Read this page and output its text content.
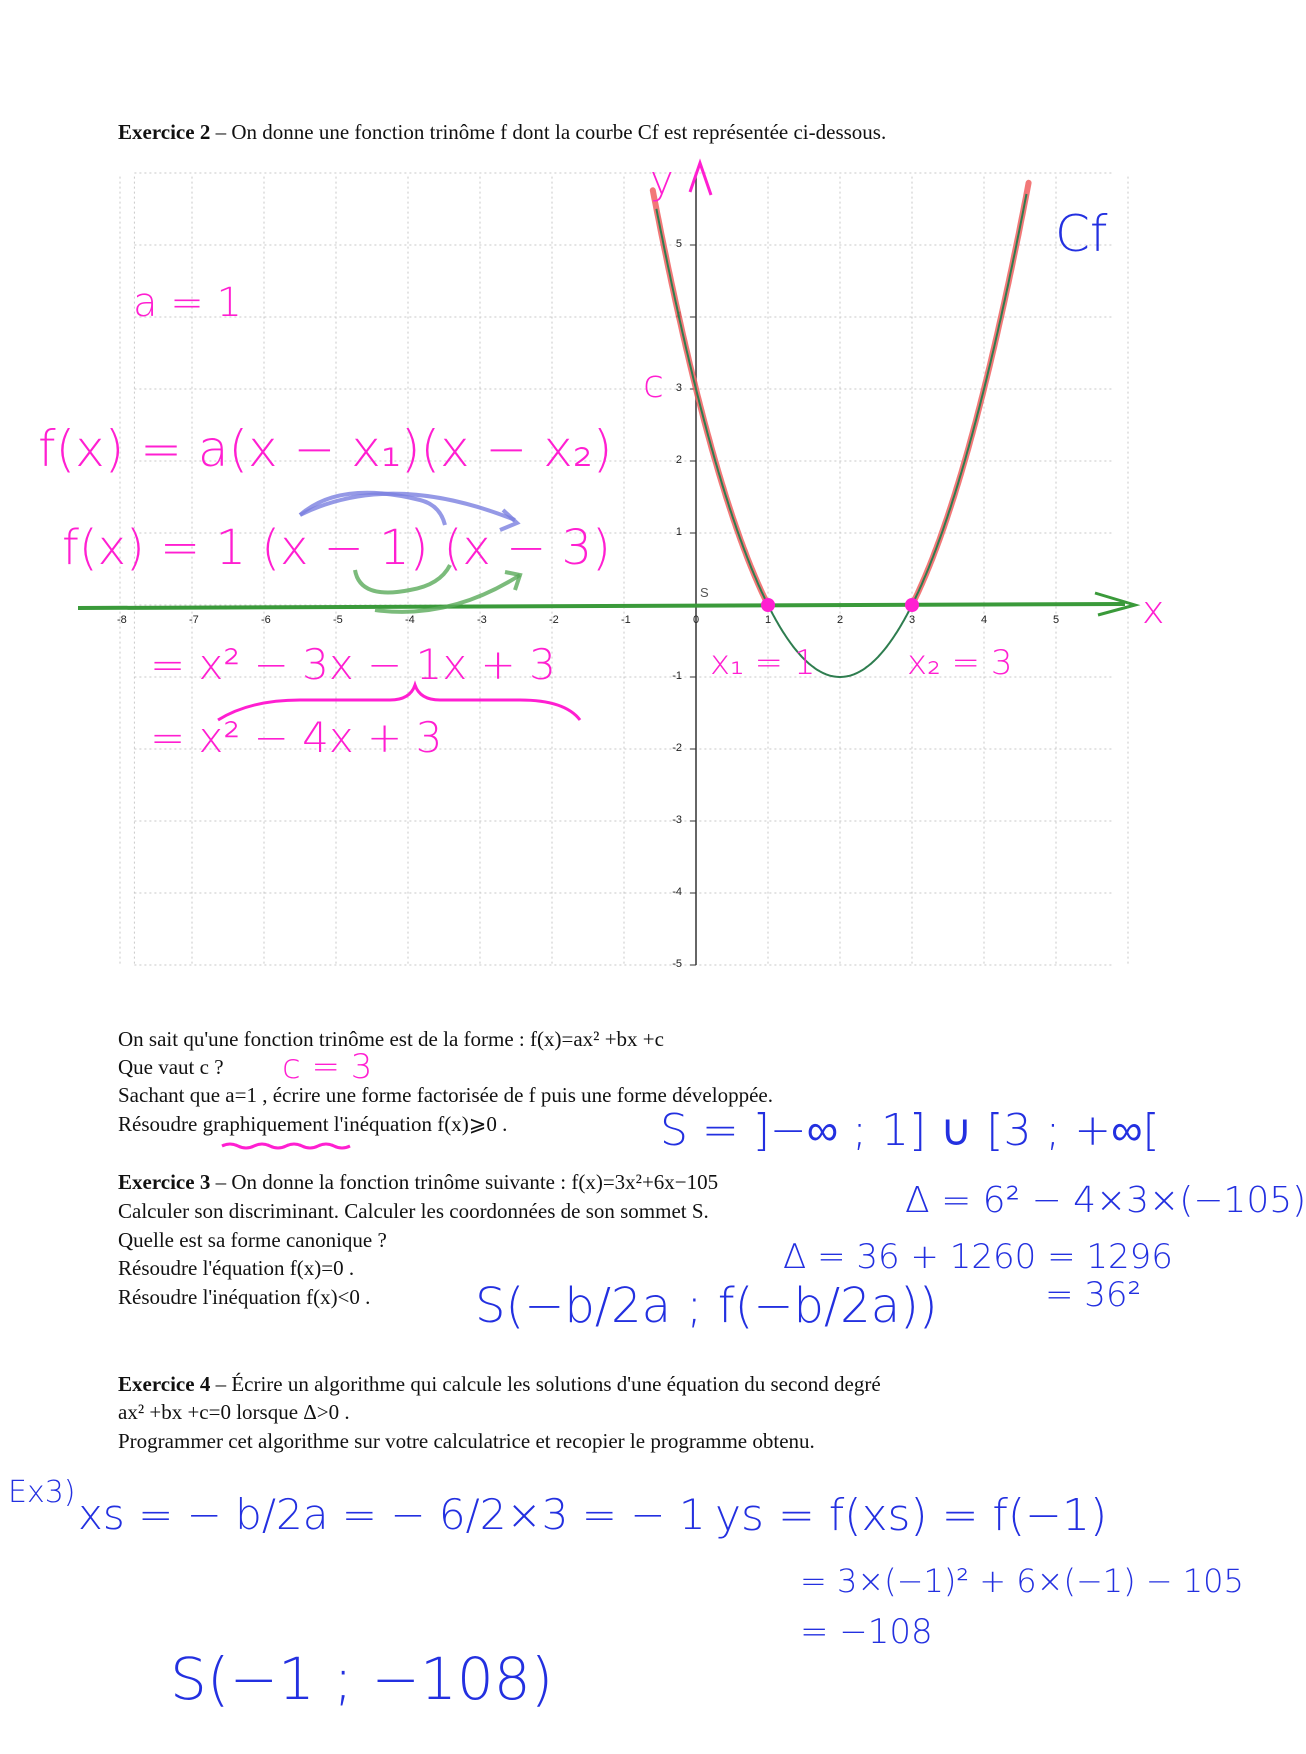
Exercice 2 – On donne une fonction trinôme f dont la courbe Cf est représentée ci-dessous.
-8	-7	-6	-5	-4	-3	-2	-1	0	1	2	3	4	5
5
4
3
2
1
-1
-2
-3
-4
-5
S
On sait qu'une fonction trinôme est de la forme : f(x)=ax² +bx +c
Que vaut c ?
Sachant que a=1 , écrire une forme factorisée de f puis une forme développée.
Résoudre graphiquement l'inéquation f(x)⩾0 .
Exercice 3 – On donne la fonction trinôme suivante : f(x)=3x²+6x−105
Calculer son discriminant. Calculer les coordonnées de son sommet S.
Quelle est sa forme canonique ?
Résoudre l'équation f(x)=0 .
Résoudre l'inéquation f(x)<0 .
Exercice 4 – Écrire un algorithme qui calcule les solutions d'une équation du second degré
ax² +bx +c=0 lorsque Δ>0 .
Programmer cet algorithme sur votre calculatrice et recopier le programme obtenu.
y
x
Cf
a = 1
c
f(x) = a(x − x₁)(x − x₂)
f(x) = 1 (x − 1) (x − 3)
= x² − 3x − 1x + 3
= x² − 4x + 3
x₁ = 1	x₂ = 3
c = 3
S = ]−∞ ; 1] ∪ [3 ; +∞[
Δ = 6² − 4×3×(−105)
Δ = 36 + 1260 = 1296
= 36²
S(−b/2a ; f(−b/2a))
Ex3) xs = − b/2a = − 6/2×3 = − 1 ys = f(xs) = f(−1)
= 3×(−1)² + 6×(−1) − 105
= −108
S(−1 ; −108)
